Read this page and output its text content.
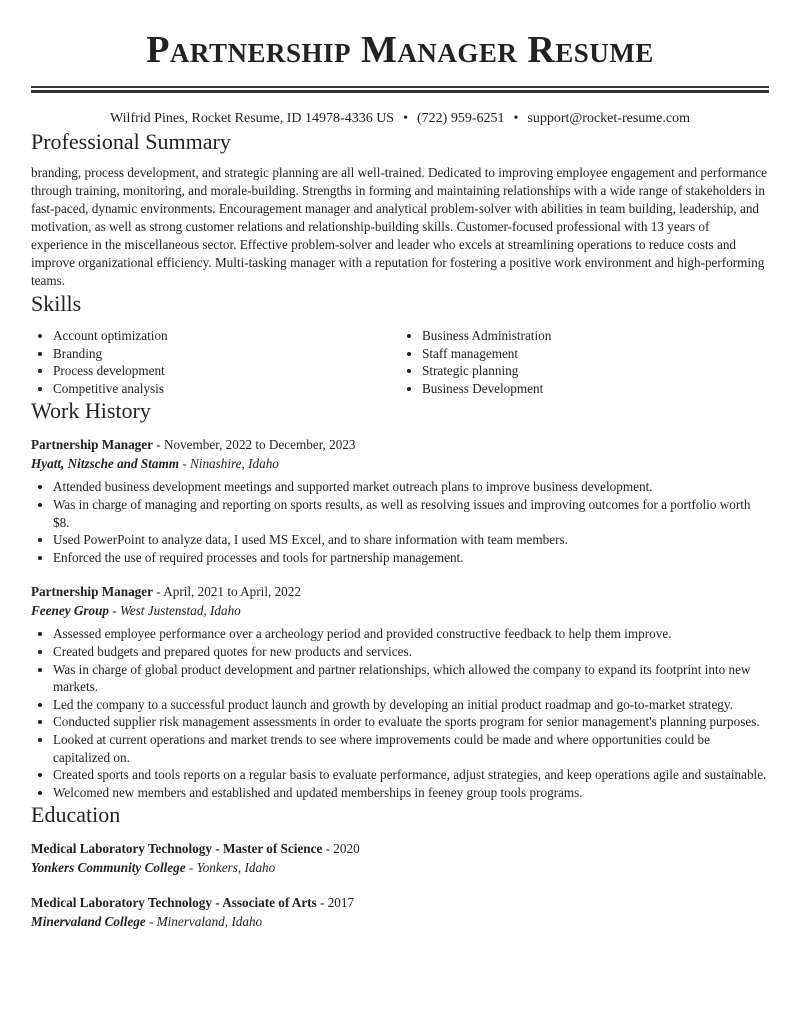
Partnership Manager Resume
Wilfrid Pines, Rocket Resume, ID 14978-4336 US • (722) 959-6251 • support@rocket-resume.com
Professional Summary
branding, process development, and strategic planning are all well-trained. Dedicated to improving employee engagement and performance through training, monitoring, and morale-building. Strengths in forming and maintaining relationships with a wide range of stakeholders in fast-paced, dynamic environments. Encouragement manager and analytical problem-solver with abilities in team building, leadership, and motivation, as well as strong customer relations and relationship-building skills. Customer-focused professional with 13 years of experience in the miscellaneous sector. Effective problem-solver and leader who excels at streamlining operations to reduce costs and improve organizational efficiency. Multi-tasking manager with a reputation for fostering a positive work environment and high-performing teams.
Skills
• Account optimization
• Branding
• Process development
• Competitive analysis
• Business Administration
• Staff management
• Strategic planning
• Business Development
Work History
Partnership Manager - November, 2022 to December, 2023
Hyatt, Nitzsche and Stamm - Ninashire, Idaho
• Attended business development meetings and supported market outreach plans to improve business development.
• Was in charge of managing and reporting on sports results, as well as resolving issues and improving outcomes for a portfolio worth $8.
• Used PowerPoint to analyze data, I used MS Excel, and to share information with team members.
• Enforced the use of required processes and tools for partnership management.
Partnership Manager - April, 2021 to April, 2022
Feeney Group - West Justenstad, Idaho
• Assessed employee performance over a archeology period and provided constructive feedback to help them improve.
• Created budgets and prepared quotes for new products and services.
• Was in charge of global product development and partner relationships, which allowed the company to expand its footprint into new markets.
• Led the company to a successful product launch and growth by developing an initial product roadmap and go-to-market strategy.
• Conducted supplier risk management assessments in order to evaluate the sports program for senior management's planning purposes.
• Looked at current operations and market trends to see where improvements could be made and where opportunities could be capitalized on.
• Created sports and tools reports on a regular basis to evaluate performance, adjust strategies, and keep operations agile and sustainable.
• Welcomed new members and established and updated memberships in feeney group tools programs.
Education
Medical Laboratory Technology - Master of Science - 2020
Yonkers Community College - Yonkers, Idaho
Medical Laboratory Technology - Associate of Arts - 2017
Minervaland College - Minervaland, Idaho
